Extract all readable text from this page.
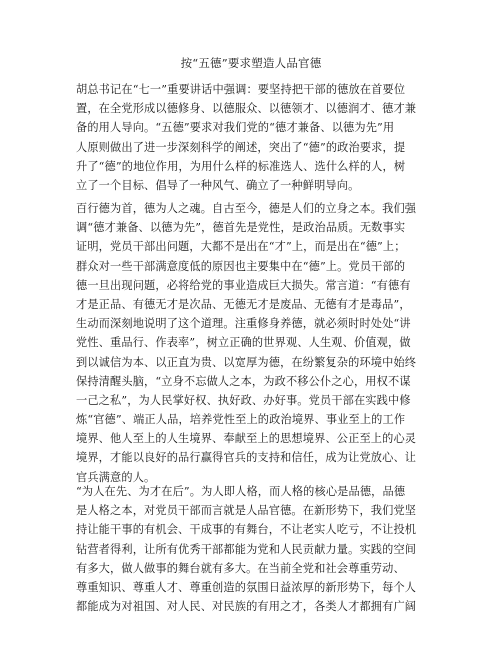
按“五德”要求塑造人品官德
胡总书记在“七一”重要讲话中强调：要坚持把干部的德放在首要位
置，在全党形成以德修身、以德服众、以德领才、以德润才、德才兼
备的用人导向。“五德”要求对我们党的“德才兼备、以德为先”用
人原则做出了进一步深刻科学的阐述，突出了“德”的政治要求，提
升了“德”的地位作用，为用什么样的标准选人、选什么样的人，树
立了一个目标、倡导了一种风气、确立了一种鲜明导向。
百行德为首，德为人之魂。自古至今，德是人们的立身之本。我们强
调“德才兼备、以德为先”，德首先是党性，是政治品质。无数事实
证明，党员干部出问题，大都不是出在“才”上，而是出在“德”上；
群众对一些干部满意度低的原因也主要集中在“德”上。党员干部的
德一旦出现问题，必将给党的事业造成巨大损失。常言道：“有德有
才是正品、有德无才是次品、无德无才是废品、无德有才是毒品”，
生动而深刻地说明了这个道理。注重修身养德，就必须时时处处“讲
党性、重品行、作表率”，树立正确的世界观、人生观、价值观，做
到以诚信为本、以正直为贵、以宽厚为德，在纷繁复杂的环境中始终
保持清醒头脑，“立身不忘做人之本，为政不移公仆之心，用权不谋
一己之私”，为人民掌好权、执好政、办好事。党员干部在实践中修
炼“官德”、端正人品，培养党性至上的政治境界、事业至上的工作
境界、他人至上的人生境界、奉献至上的思想境界、公正至上的心灵
境界，才能以良好的品行赢得官兵的支持和信任，成为让党放心、让
官兵满意的人。
“为人在先、为才在后”。为人即人格，而人格的核心是品德，品德
是人格之本，对党员干部而言就是人品官德。在新形势下，我们党坚
持让能干事的有机会、干成事的有舞台，不让老实人吃亏，不让投机
钻营者得利，让所有优秀干部都能为党和人民贡献力量。实践的空间
有多大，做人做事的舞台就有多大。在当前全党和社会尊重劳动、
尊重知识、尊重人才、尊重创造的氛围日益浓厚的新形势下，每个人
都能成为对祖国、对人民、对民族的有用之才，各类人才都拥有广阔
